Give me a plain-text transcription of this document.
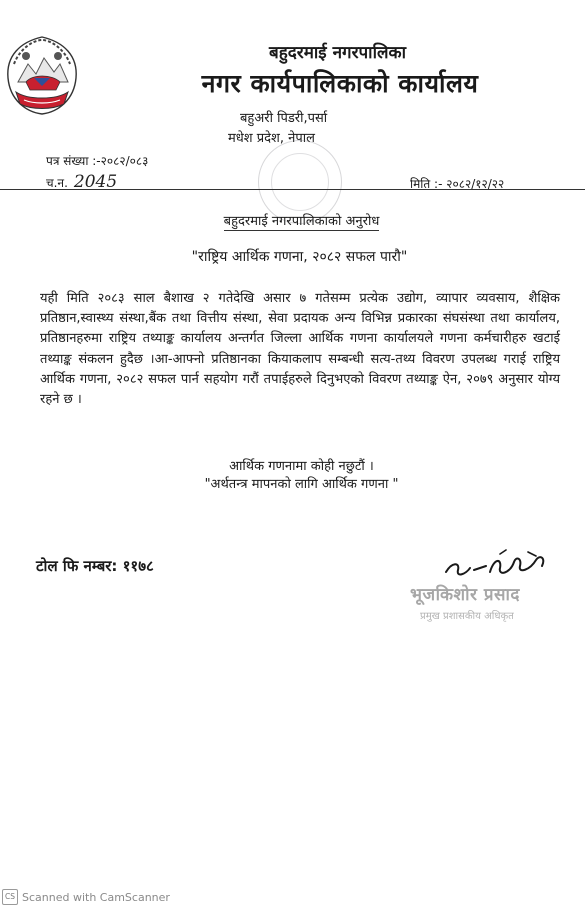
बहुदरमाई नगरपालिका
नगर कार्यपालिकाको कार्यालय
बहुअरी पिडरी,पर्सा
मधेश प्रदेश, नेपाल
पत्र संख्या :-२०८२/०८३
च.न. 2045	मिति :- २०८२/१२/२२
बहुदरमाई नगरपालिकाको अनुरोध
"राष्ट्रिय आर्थिक गणना, २०८२ सफल पारौ"
यही मिति २०८३ साल बैशाख २ गतेदेखि असार ७ गतेसम्म प्रत्येक उद्योग, व्यापार व्यवसाय, शैक्षिक प्रतिष्ठान,स्वास्थ्य संस्था,बैंक तथा वित्तीय संस्था, सेवा प्रदायक अन्य विभिन्न प्रकारका संघसंस्था तथा कार्यालय, प्रतिष्ठानहरुमा राष्ट्रिय तथ्याङ्क कार्यालय अन्तर्गत जिल्ला आर्थिक गणना कार्यालयले गणना कर्मचारीहरु खटाई तथ्याङ्क संकलन हुदैछ ।आ-आफ्नो प्रतिष्ठानका कियाकलाप सम्बन्धी सत्य-तथ्य विवरण उपलब्ध गराई राष्ट्रिय आर्थिक गणना, २०८२ सफल पार्न सहयोग गरौं तपाईहरुले दिनुभएको विवरण तथ्याङ्क ऐन, २०७९ अनुसार योग्य रहने छ ।
आर्थिक गणनामा कोही नछुटौं ।
"अर्थतन्त्र मापनको लागि आर्थिक गणना "
टोल फि नम्बर: ११७८
भूजकिशोर प्रसाद
प्रमुख प्रशासकीय अधिकृत
CS Scanned with CamScanner
